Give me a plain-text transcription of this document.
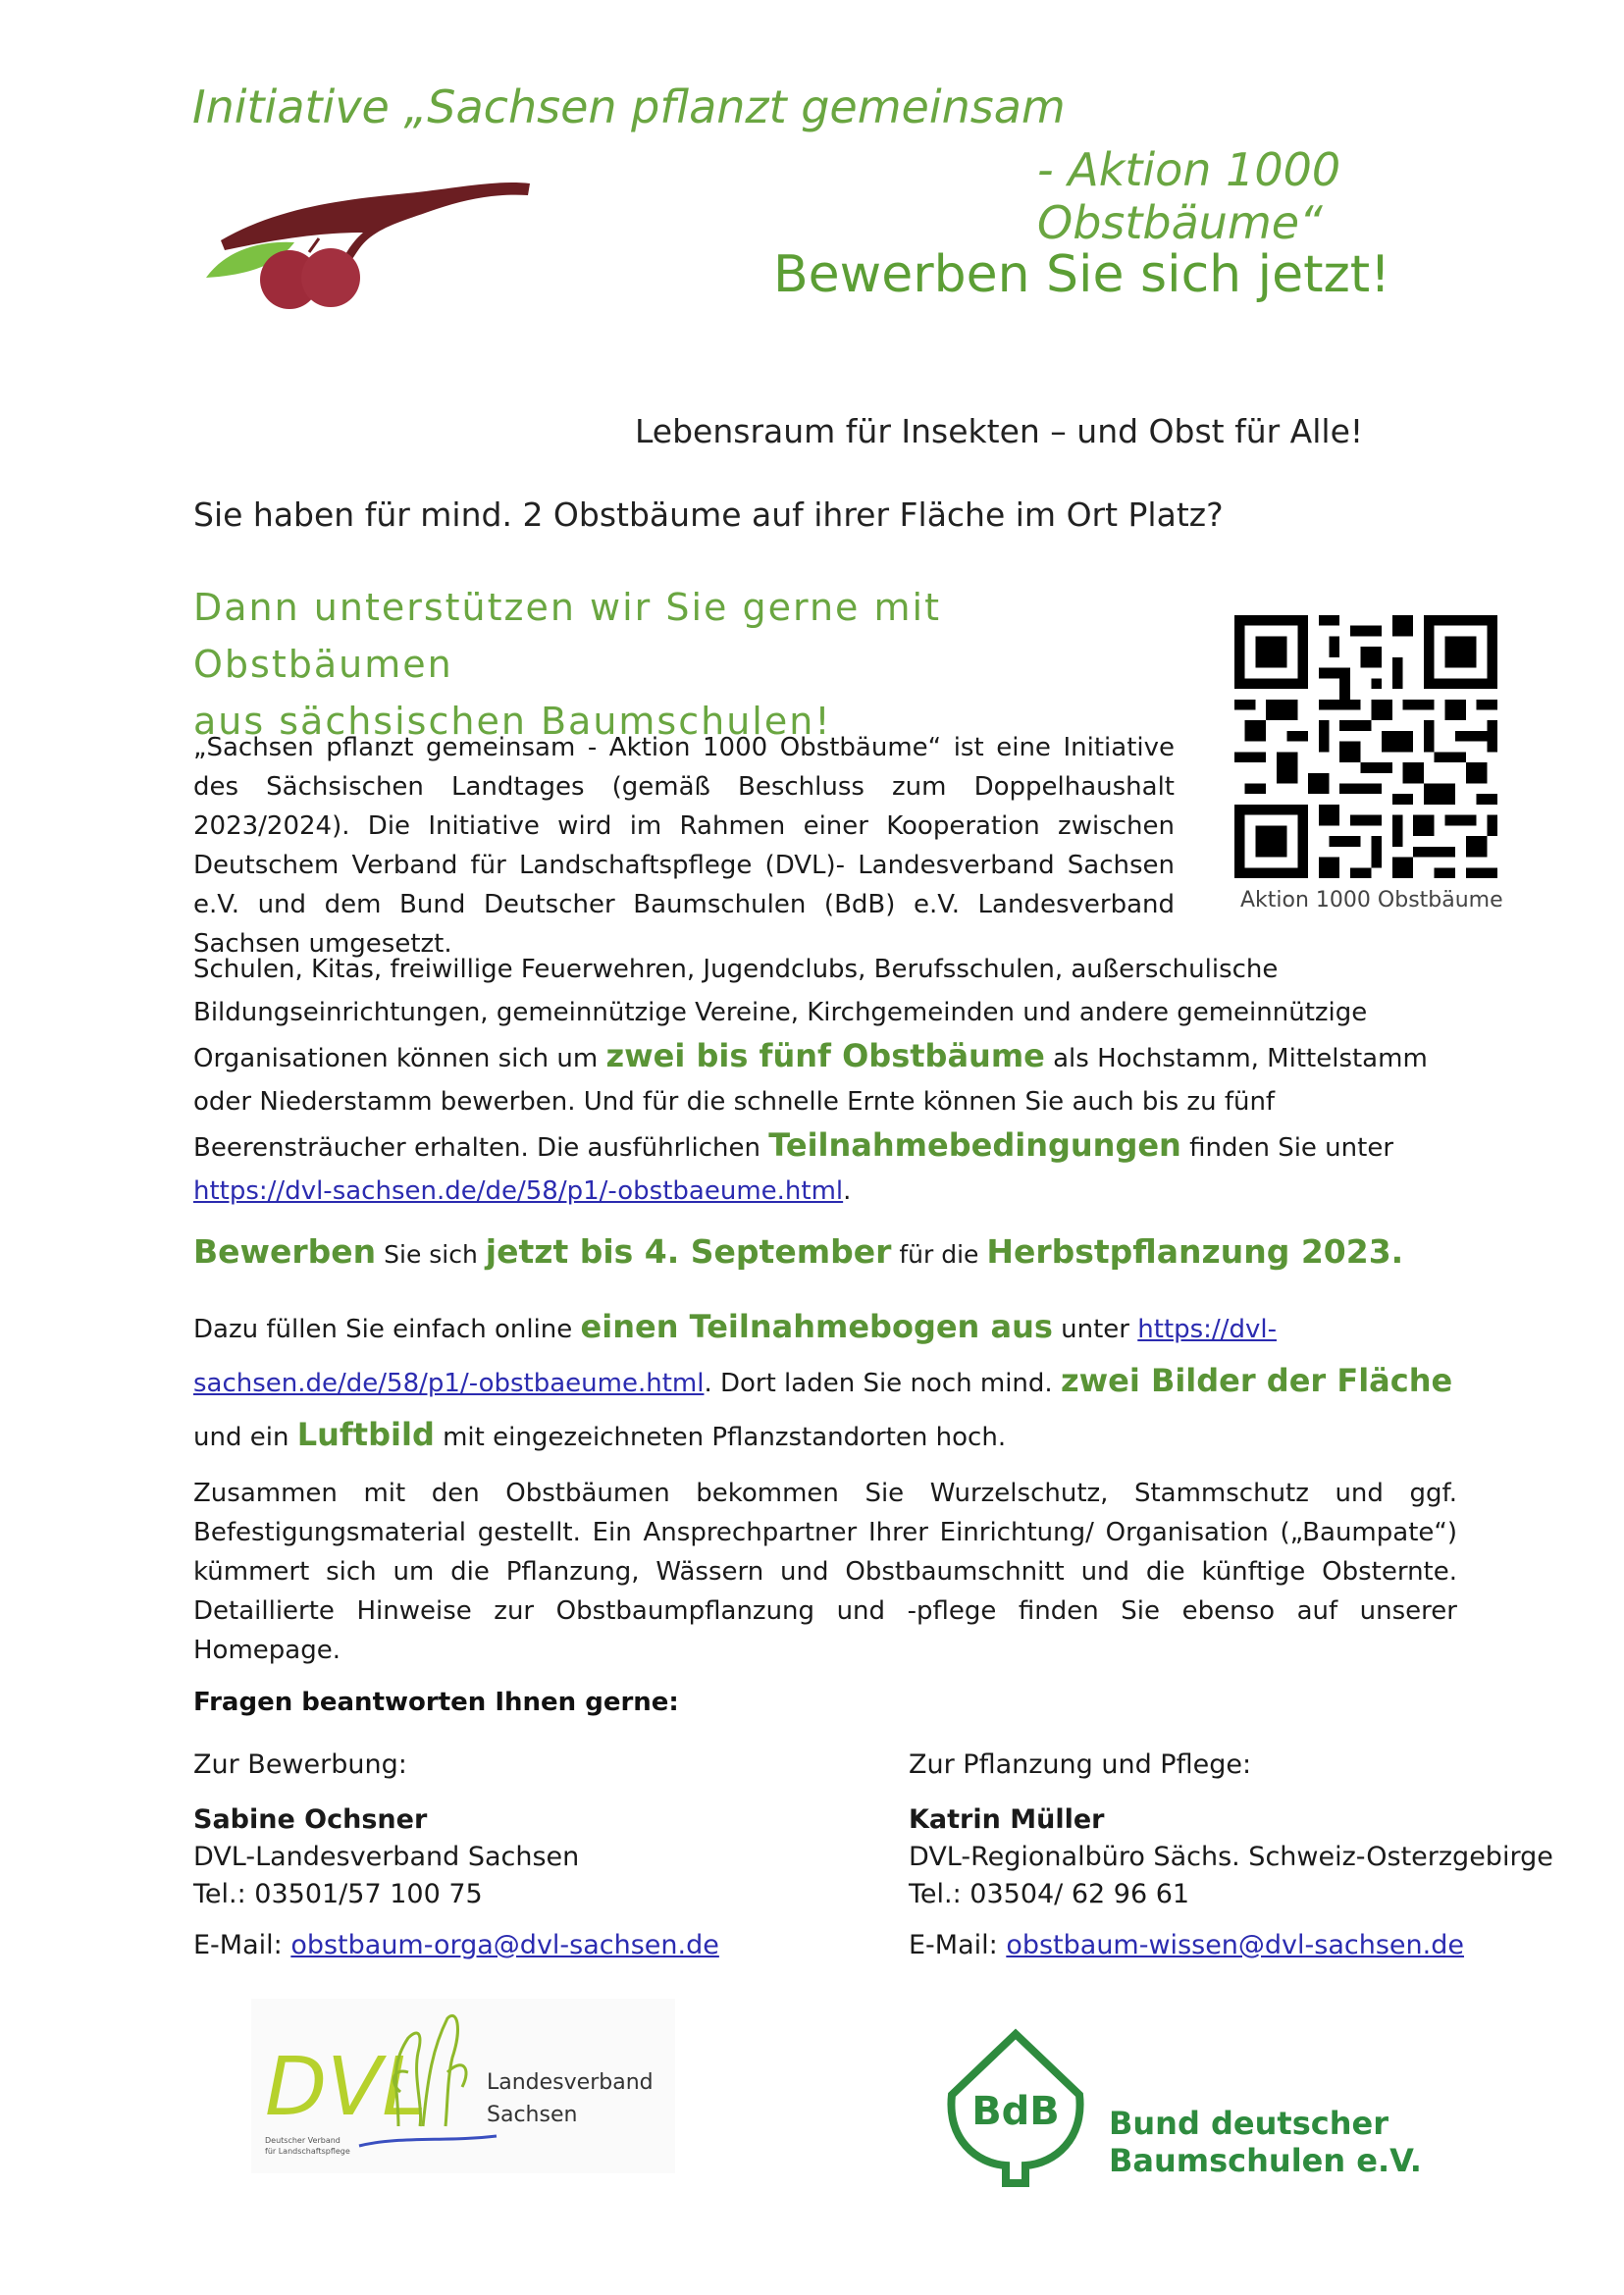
Initiative „Sachsen pflanzt gemeinsam
- Aktion 1000 Obstbäume“
Bewerben Sie sich jetzt!
Lebensraum für Insekten – und Obst für Alle!
Sie haben für mind. 2 Obstbäume auf ihrer Fläche im Ort Platz?
Dann unterstützen wir Sie gerne mit Obstbäumen
aus sächsischen Baumschulen!
„Sachsen pflanzt gemeinsam - Aktion 1000 Obstbäume“ ist eine Initiative des Sächsischen Landtages (gemäß Beschluss zum Doppelhaushalt 2023/2024). Die Initiative wird im Rahmen einer Kooperation zwischen Deutschem Verband für Landschaftspflege (DVL)- Landesverband Sachsen e.V. und dem Bund Deutscher Baumschulen (BdB) e.V. Landesverband Sachsen umgesetzt.
Aktion 1000 Obstbäume
Schulen, Kitas, freiwillige Feuerwehren, Jugendclubs, Berufsschulen, außerschulische Bildungseinrichtungen, gemeinnützige Vereine, Kirchgemeinden und andere gemeinnützige Organisationen können sich um zwei bis fünf Obstbäume als Hochstamm, Mittelstamm oder Niederstamm bewerben. Und für die schnelle Ernte können Sie auch bis zu fünf Beerensträucher erhalten. Die ausführlichen Teilnahmebedingungen finden Sie unter https://dvl-sachsen.de/de/58/p1/-obstbaeume.html.
Bewerben Sie sich jetzt bis 4. September für die Herbstpflanzung 2023.
Dazu füllen Sie einfach online einen Teilnahmebogen aus unter https://dvl-sachsen.de/de/58/p1/-obstbaeume.html. Dort laden Sie noch mind. zwei Bilder der Fläche und ein Luftbild mit eingezeichneten Pflanzstandorten hoch.
Zusammen mit den Obstbäumen bekommen Sie Wurzelschutz, Stammschutz und ggf. Befestigungsmaterial gestellt. Ein Ansprechpartner Ihrer Einrichtung/ Organisation („Baumpate“) kümmert sich um die Pflanzung, Wässern und Obstbaumschnitt und die künftige Obsternte. Detaillierte Hinweise zur Obstbaumpflanzung und -pflege finden Sie ebenso auf unserer Homepage.
Fragen beantworten Ihnen gerne:
Zur Bewerbung:
Sabine Ochsner
DVL-Landesverband Sachsen
Tel.: 03501/57 100 75
E-Mail: obstbaum-orga@dvl-sachsen.de
Zur Pflanzung und Pflege:
Katrin Müller
DVL-Regionalbüro Sächs. Schweiz-Osterzgebirge
Tel.: 03504/ 62 96 61
E-Mail: obstbaum-wissen@dvl-sachsen.de
DVL	Landesverband
Sachsen
Deutscher Verband
für Landschaftspflege
BdB Bund deutscher
Baumschulen e.V.
